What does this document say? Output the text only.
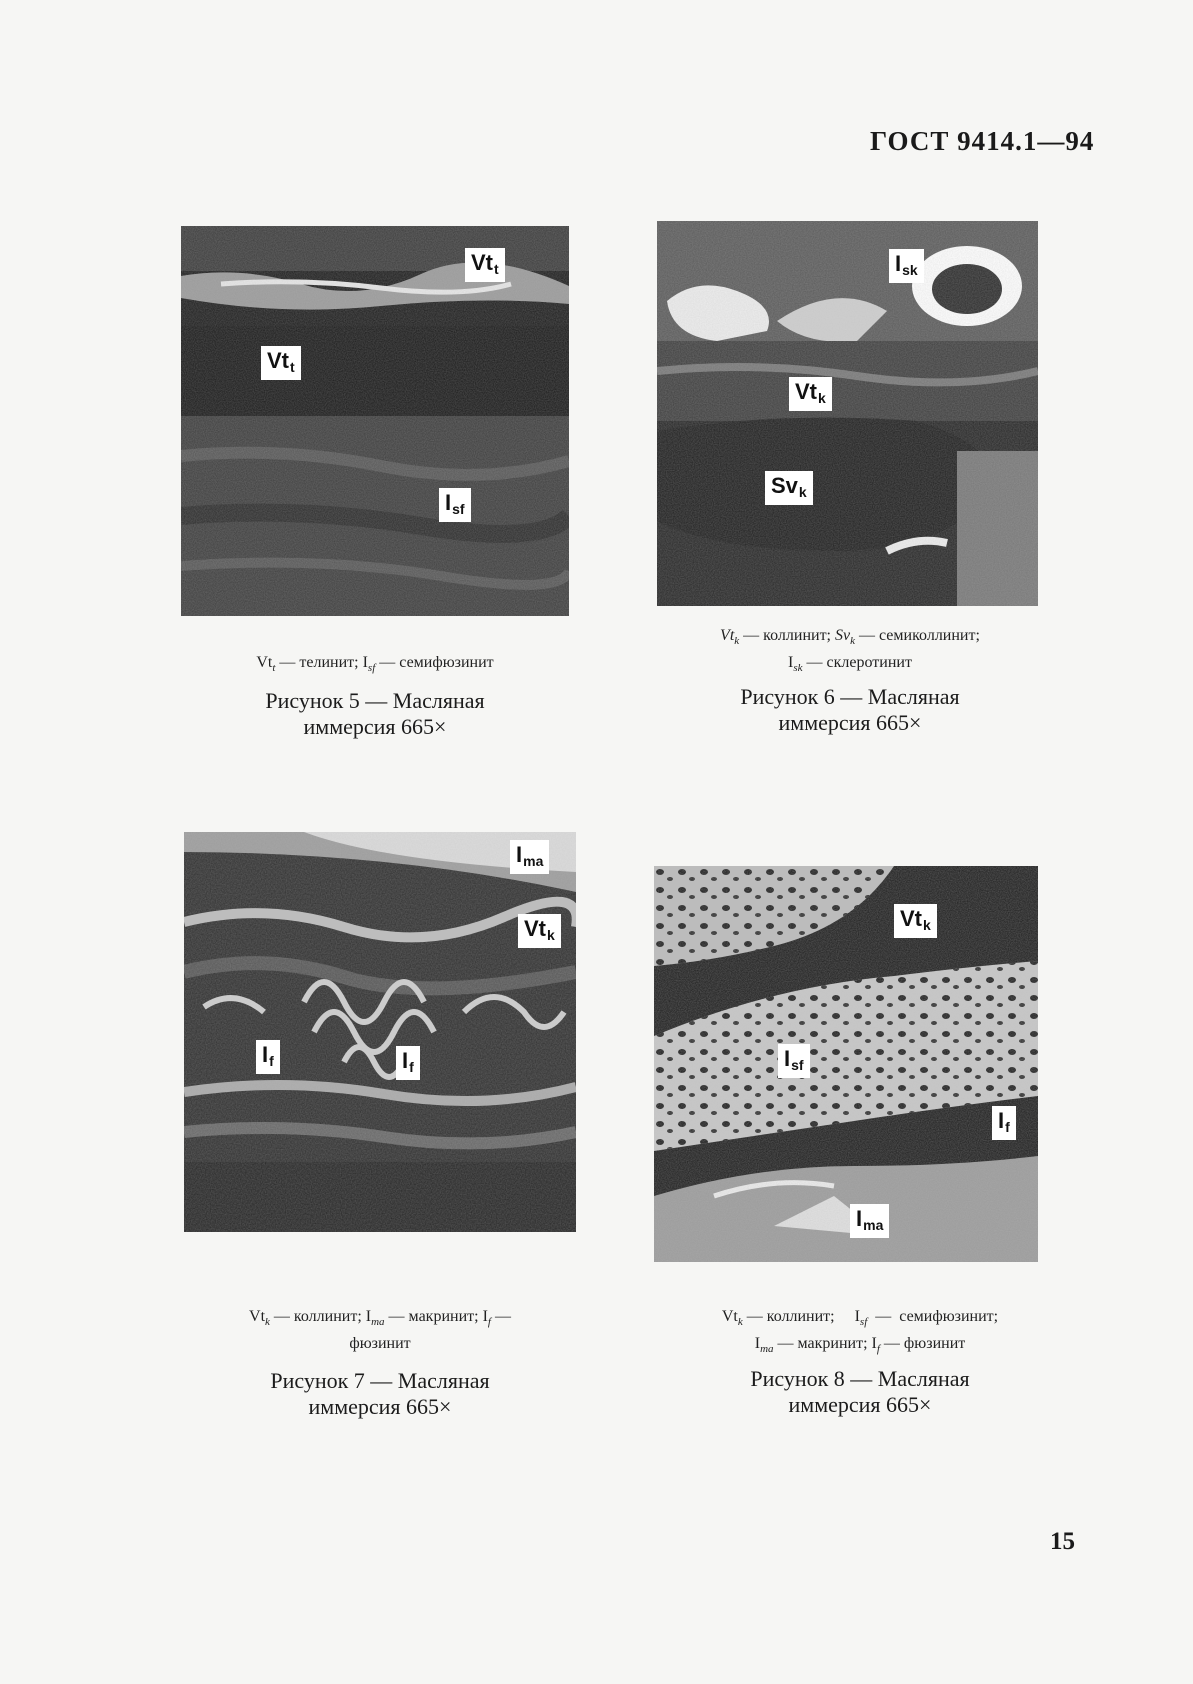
ГОСТ 9414.1—94
$Vt_t$
$Vt_t$
$I_{sf}$
$Vt_t$ — телинит; $I_{sf}$ — семифюзинит
Рисунок 5 — Масляная
иммерсия 665×
$I_{sk}$
$Vt_k$
$Sv_k$
$Vt_k$ — коллинит; $Sv_k$ — семиколлинит;
$I_{sk}$ — склеротинит
Рисунок 6 — Масляная
иммерсия 665×
$I_{ma}$
$Vt_k$
$I_f$	$I_f$
$Vt_k$ — коллинит; $I_{ma}$ — макринит; $I_f$ —
фюзинит
Рисунок 7 — Масляная
иммерсия 665×
$Vt_k$
$I_{sf}$
$I_f$
$I_{ma}$
$Vt_k$ — коллинит;     $I_{sf}$  —  семифюзинит;
$I_{ma}$ — макринит; $I_f$ — фюзинит
Рисунок 8 — Масляная
иммерсия 665×
15
